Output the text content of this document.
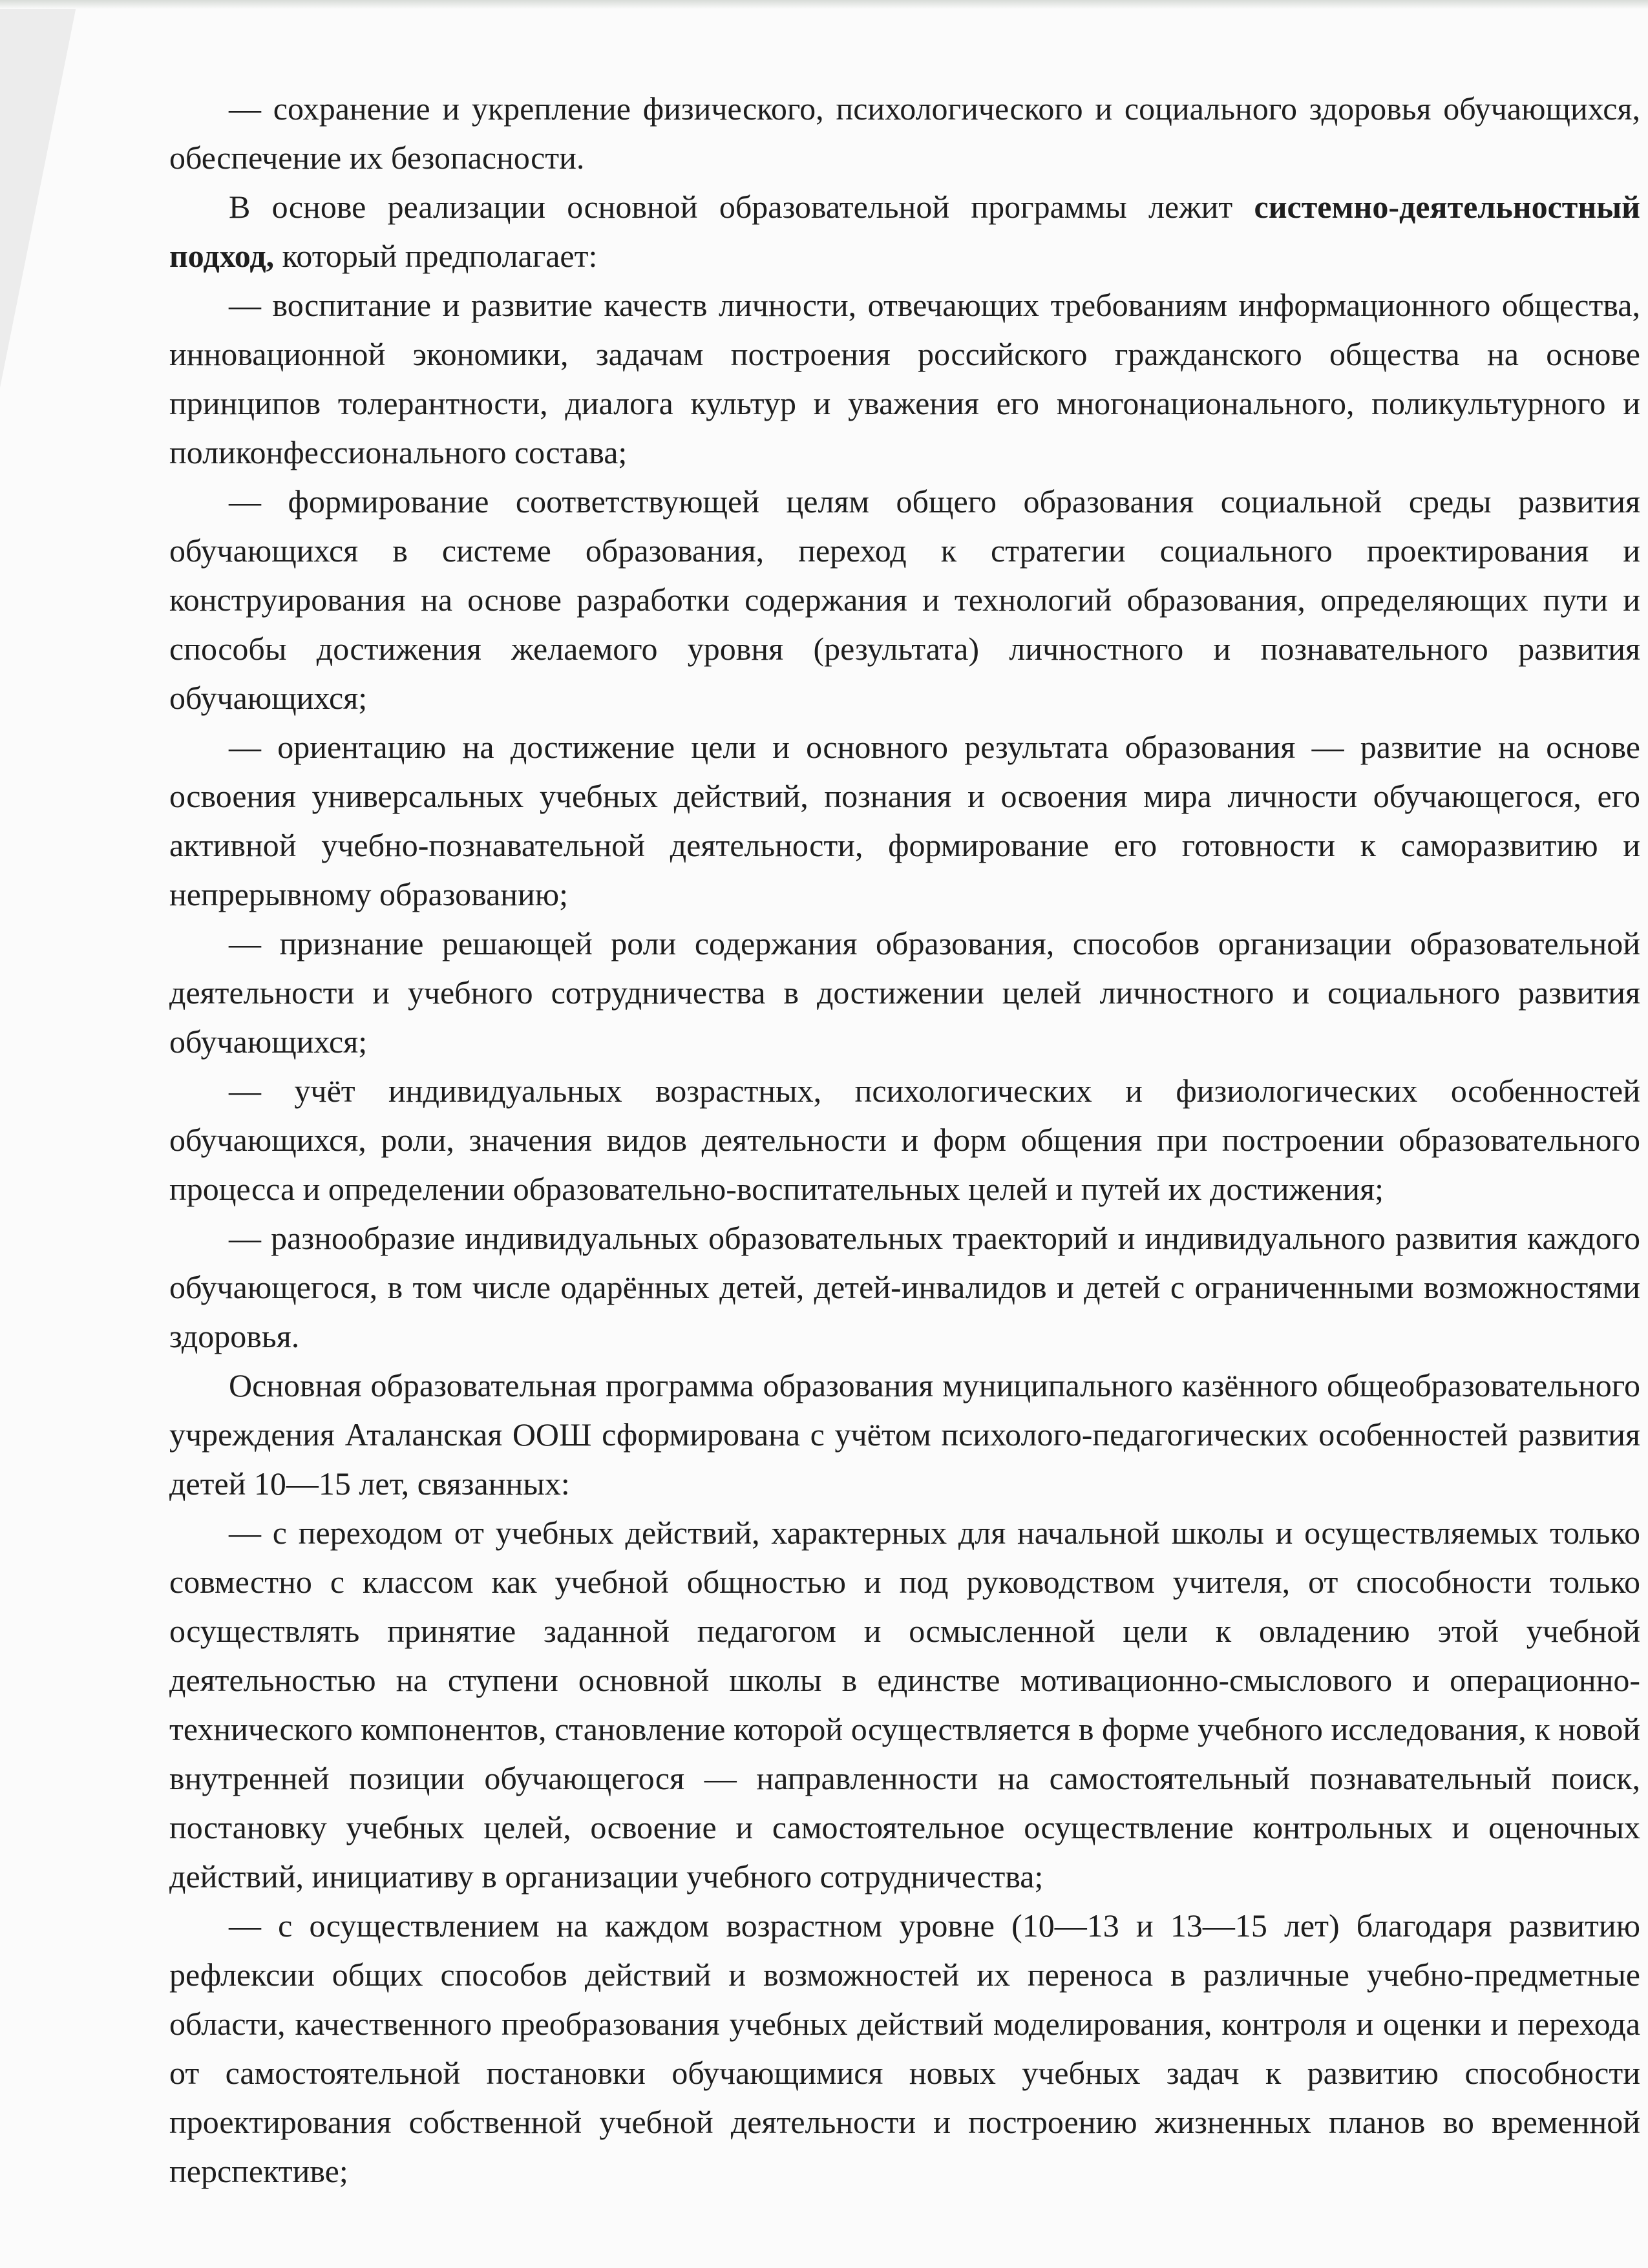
— сохранение и укрепление физического, психологического и социального здоровья обучающихся, обеспечение их безопасности.

В основе реализации основной образовательной программы лежит системно-деятельностный подход, который предполагает:

— воспитание и развитие качеств личности, отвечающих требованиям информационного общества, инновационной экономики, задачам построения российского гражданского общества на основе принципов толерантности, диалога культур и уважения его многонационального, поликультурного и поликонфессионального состава;

— формирование соответствующей целям общего образования социальной среды развития обучающихся в системе образования, переход к стратегии социального проектирования и конструирования на основе разработки содержания и технологий образования, определяющих пути и способы достижения желаемого уровня (результата) личностного и познавательного развития обучающихся;

— ориентацию на достижение цели и основного результата образования — развитие на основе освоения универсальных учебных действий, познания и освоения мира личности обучающегося, его активной учебно-познавательной деятельности, формирование его готовности к саморазвитию и непрерывному образованию;

— признание решающей роли содержания образования, способов организации образовательной деятельности и учебного сотрудничества в достижении целей личностного и социального развития обучающихся;

— учёт индивидуальных возрастных, психологических и физиологических особенностей обучающихся, роли, значения видов деятельности и форм общения при построении образовательного процесса и определении образовательно-воспитательных целей и путей их достижения;

— разнообразие индивидуальных образовательных траекторий и индивидуального развития каждого обучающегося, в том числе одарённых детей, детей-инвалидов и детей с ограниченными возможностями здоровья.

Основная образовательная программа образования муниципального казённого общеобразовательного учреждения Аталанская ООШ сформирована с учётом психолого-педагогических особенностей развития детей 10—15 лет, связанных:

— с переходом от учебных действий, характерных для начальной школы и осуществляемых только совместно с классом как учебной общностью и под руководством учителя, от способности только осуществлять принятие заданной педагогом и осмысленной цели к овладению этой учебной деятельностью на ступени основной школы в единстве мотивационно-смыслового и операционно-технического компонентов, становление которой осуществляется в форме учебного исследования, к новой внутренней позиции обучающегося — направленности на самостоятельный познавательный поиск, постановку учебных целей, освоение и самостоятельное осуществление контрольных и оценочных действий, инициативу в организации учебного сотрудничества;

— с осуществлением на каждом возрастном уровне (10—13 и 13—15 лет) благодаря развитию рефлексии общих способов действий и возможностей их переноса в различные учебно-предметные области, качественного преобразования учебных действий моделирования, контроля и оценки и перехода от самостоятельной постановки обучающимися новых учебных задач к развитию способности проектирования собственной учебной деятельности и построению жизненных планов во временной перспективе;
